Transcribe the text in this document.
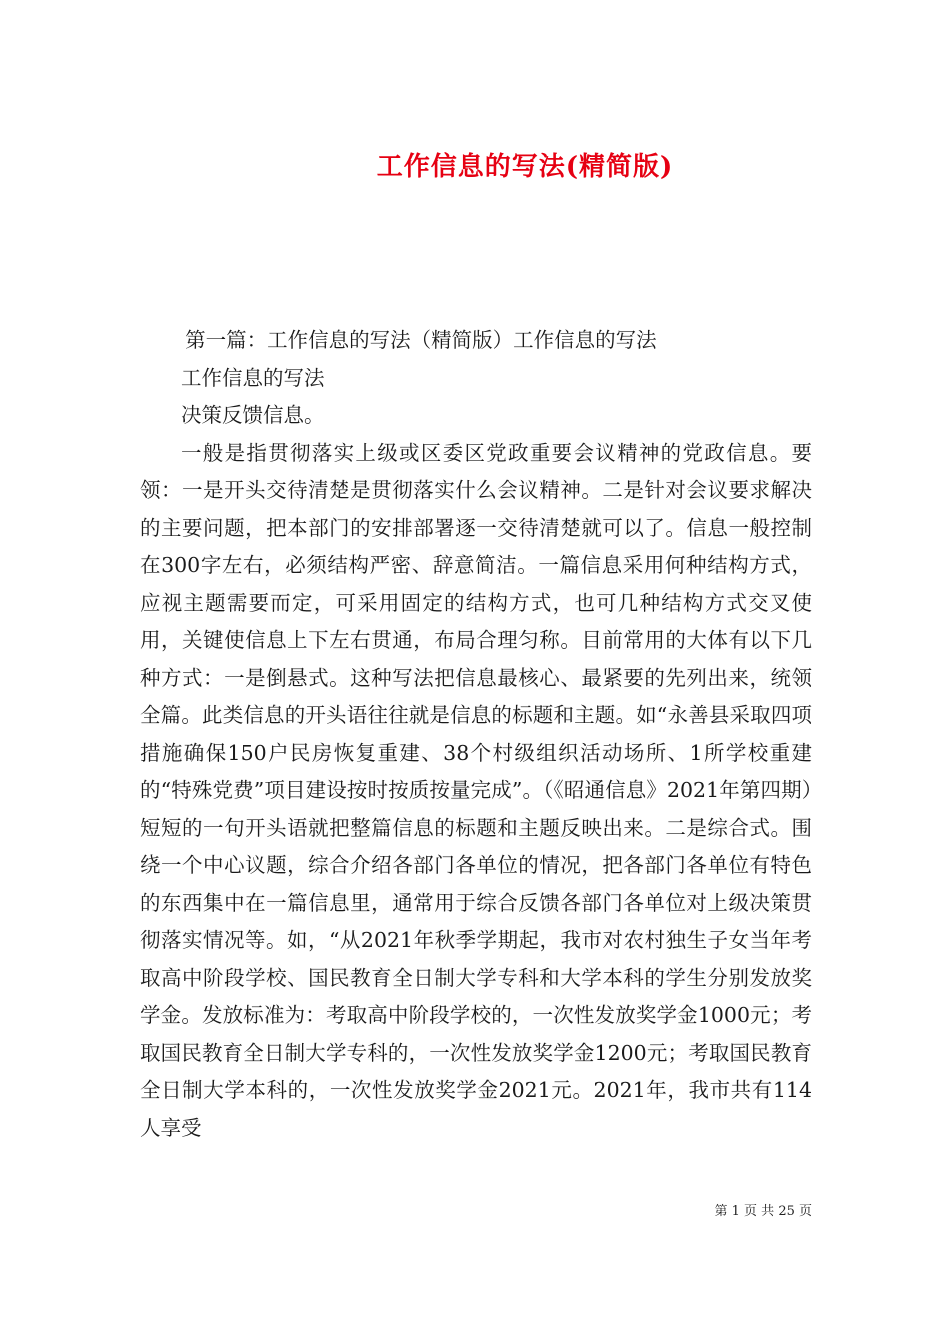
工作信息的写法(精简版)

第一篇：工作信息的写法（精简版）工作信息的写法

工作信息的写法

决策反馈信息。

一般是指贯彻落实上级或区委区党政重要会议精神的党政信息。要领：一是开头交待清楚是贯彻落实什么会议精神。二是针对会议要求解决的主要问题，把本部门的安排部署逐一交待清楚就可以了。信息一般控制在300字左右，必须结构严密、辞意简洁。一篇信息采用何种结构方式，应视主题需要而定，可采用固定的结构方式，也可几种结构方式交叉使用，关键使信息上下左右贯通，布局合理匀称。目前常用的大体有以下几种方式：一是倒悬式。这种写法把信息最核心、最紧要的先列出来，统领全篇。此类信息的开头语往往就是信息的标题和主题。如“永善县采取四项措施确保150户民房恢复重建、38个村级组织活动场所、1所学校重建的“特殊党费”项目建设按时按质按量完成”。（《昭通信息》2021年第四期）短短的一句开头语就把整篇信息的标题和主题反映出来。二是综合式。围绕一个中心议题，综合介绍各部门各单位的情况，把各部门各单位有特色的东西集中在一篇信息里，通常用于综合反馈各部门各单位对上级决策贯彻落实情况等。如，“从2021年秋季学期起，我市对农村独生子女当年考取高中阶段学校、国民教育全日制大学专科和大学本科的学生分别发放奖学金。发放标准为：考取高中阶段学校的，一次性发放奖学金1000元；考取国民教育全日制大学专科的，一次性发放奖学金1200元；考取国民教育全日制大学本科的，一次性发放奖学金2021元。2021年，我市共有114人享受

第 1 页 共 25 页
